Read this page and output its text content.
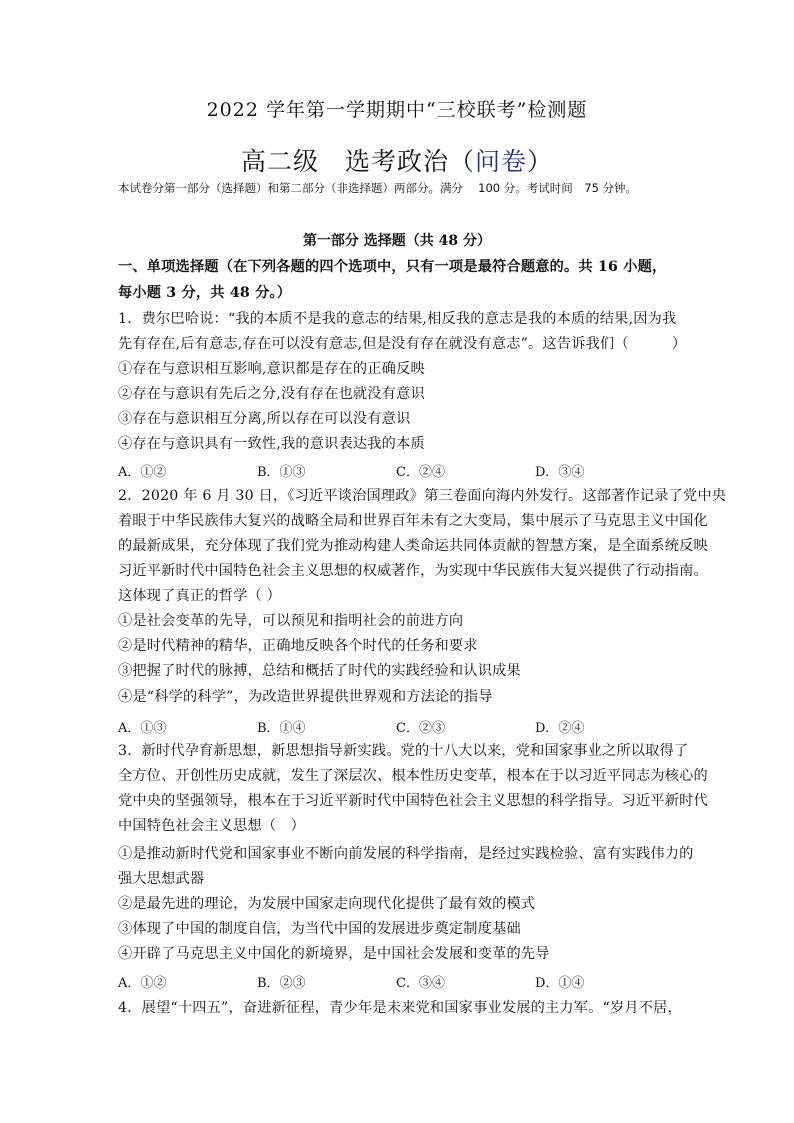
2022 学年第一学期期中“三校联考”检测题
高二级　选考政治（问卷）
本试卷分第一部分（选择题）和第二部分（非选择题）两部分。满分　 100 分。考试时间　75 分钟。
第一部分 选择题（共 48 分）
一、单项选择题（在下列各题的四个选项中，只有一项是最符合题意的。共 16 小题，
每小题 3 分，共 48 分。）
1．费尔巴哈说：“我的本质不是我的意志的结果,相反我的意志是我的本质的结果,因为我
先有存在,后有意志,存在可以没有意志,但是没有存在就没有意志”。这告诉我们（　　　）
①存在与意识相互影响,意识都是存在的正确反映
②存在与意识有先后之分,没有存在也就没有意识
③存在与意识相互分离,所以存在可以没有意识
④存在与意识具有一致性,我的意识表达我的本质
A．①②	B．①③	C．②④	D．③④
2．2020 年 6 月 30 日，《习近平谈治国理政》第三卷面向海内外发行。这部著作记录了党中央
着眼于中华民族伟大复兴的战略全局和世界百年未有之大变局，集中展示了马克思主义中国化
的最新成果，充分体现了我们党为推动构建人类命运共同体贡献的智慧方案，是全面系统反映
习近平新时代中国特色社会主义思想的权威著作，为实现中华民族伟大复兴提供了行动指南。
这体现了真正的哲学（ ）
①是社会变革的先导，可以预见和指明社会的前进方向
②是时代精神的精华，正确地反映各个时代的任务和要求
③把握了时代的脉搏，总结和概括了时代的实践经验和认识成果
④是“科学的科学”，为改造世界提供世界观和方法论的指导
A．①③	B．①④	C．②③	D．②④
3．新时代孕育新思想，新思想指导新实践。党的十八大以来，党和国家事业之所以取得了
全方位、开创性历史成就，发生了深层次、根本性历史变革，根本在于以习近平同志为核心的
党中央的坚强领导，根本在于习近平新时代中国特色社会主义思想的科学指导。习近平新时代
中国特色社会主义思想（　）
①是推动新时代党和国家事业不断向前发展的科学指南，是经过实践检验、富有实践伟力的
强大思想武器
②是最先进的理论，为发展中国家走向现代化提供了最有效的模式
③体现了中国的制度自信，为当代中国的发展进步奠定制度基础
④开辟了马克思主义中国化的新境界，是中国社会发展和变革的先导
A．①②	B．②③	C．③④	D．①④
4．展望“十四五”，奋进新征程，青少年是未来党和国家事业发展的主力军。“岁月不居，
